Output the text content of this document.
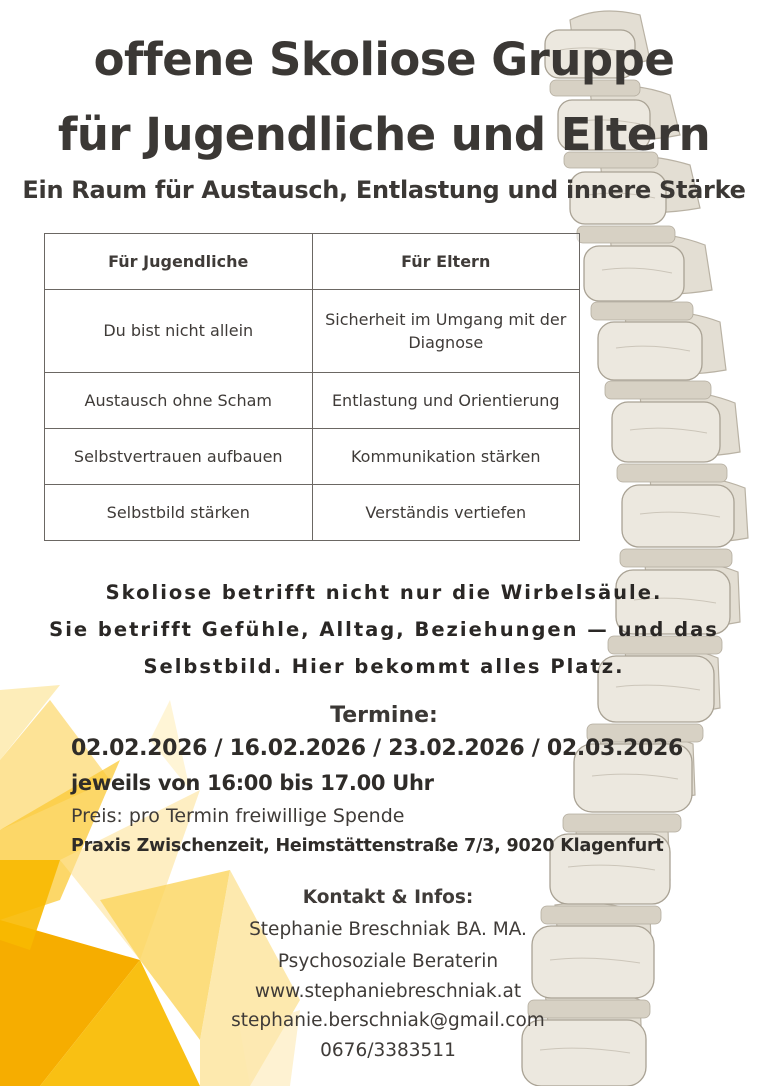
offene Skoliose Gruppe
für Jugendliche und Eltern
Ein Raum für Austausch, Entlastung und innere Stärke
Für Jugendliche	Für Eltern
Du bist nicht allein	Sicherheit im Umgang mit der Diagnose
Austausch ohne Scham	Entlastung und Orientierung
Selbstvertrauen aufbauen	Kommunikation stärken
Selbstbild stärken	Verständis vertiefen
Skoliose betrifft nicht nur die Wirbelsäule.
Sie betrifft Gefühle, Alltag, Beziehungen — und das
Selbstbild. Hier bekommt alles Platz.
Termine:
02.02.2026 / 16.02.2026 / 23.02.2026 / 02.03.2026
jeweils von 16:00 bis 17.00 Uhr
Preis: pro Termin freiwillige Spende
Praxis Zwischenzeit, Heimstättenstraße 7/3, 9020 Klagenfurt
Kontakt & Infos:
Stephanie Breschniak BA. MA.
Psychosoziale Beraterin
www.stephaniebreschniak.at
stephanie.berschniak@gmail.com
0676/3383511
